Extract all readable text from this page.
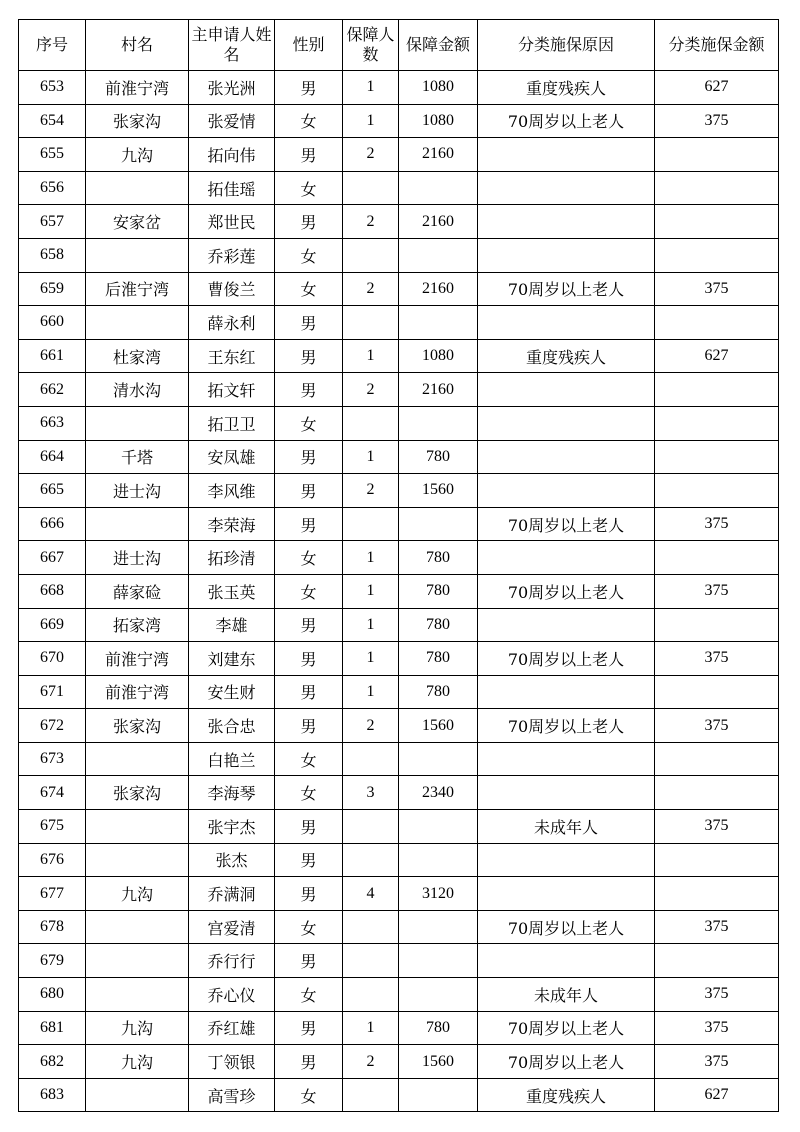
序号	村名	主申请人姓名	性别	保障人数	保障金额	分类施保原因	分类施保金额
653	前淮宁湾	张光洲	男	1	1080	重度残疾人	627
654	张家沟	张爱情	女	1	1080	70周岁以上老人	375
655	九沟	拓向伟	男	2	2160		
656		拓佳瑶	女				
657	安家岔	郑世民	男	2	2160		
658		乔彩莲	女				
659	后淮宁湾	曹俊兰	女	2	2160	70周岁以上老人	375
660		薛永利	男				
661	杜家湾	王东红	男	1	1080	重度残疾人	627
662	清水沟	拓文轩	男	2	2160		
663		拓卫卫	女				
664	千塔	安凤雄	男	1	780		
665	进士沟	李风维	男	2	1560		
666		李荣海	男			70周岁以上老人	375
667	进士沟	拓珍清	女	1	780		
668	薛家硷	张玉英	女	1	780	70周岁以上老人	375
669	拓家湾	李雄	男	1	780		
670	前淮宁湾	刘建东	男	1	780	70周岁以上老人	375
671	前淮宁湾	安生财	男	1	780		
672	张家沟	张合忠	男	2	1560	70周岁以上老人	375
673		白艳兰	女				
674	张家沟	李海琴	女	3	2340		
675		张宇杰	男			未成年人	375
676		张杰	男				
677	九沟	乔满洞	男	4	3120		
678		宫爱清	女			70周岁以上老人	375
679		乔行行	男				
680		乔心仪	女			未成年人	375
681	九沟	乔红雄	男	1	780	70周岁以上老人	375
682	九沟	丁领银	男	2	1560	70周岁以上老人	375
683		高雪珍	女			重度残疾人	627
